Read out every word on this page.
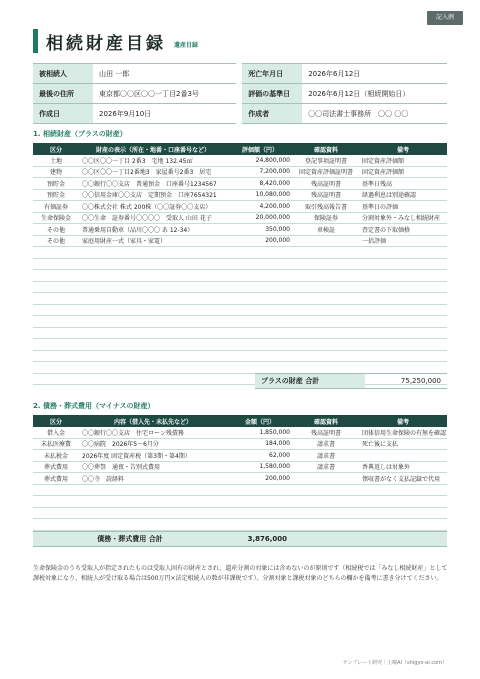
記入例
相続財産目録 遺産目録
被相続人	山田 一郎		死亡年月日	2026年6月12日
最後の住所	東京都〇〇区〇〇一丁目2番3号		評価の基準日	2026年6月12日（相続開始日）
作成日	2026年9月10日		作成者	〇〇司法書士事務所　〇〇 〇〇
1. 相続財産（プラスの財産）
区分	財産の表示（所在・地番・口座番号など）	評価額（円）	確認資料	備考
土地	〇〇区〇〇一丁目 2番3　宅地 132.45㎡	24,800,000	登記事項証明書	固定資産評価額
建物	〇〇区〇〇一丁目2番地3　家屋番号2番3　居宅	7,200,000	固定資産評価証明書	固定資産評価額
預貯金	〇〇銀行〇〇支店　普通預金　口座番号1234567	8,420,000	残高証明書	基準日残高
預貯金	〇〇信用金庫〇〇支店　定期預金　口座7654321	10,080,000	残高証明書	経過利息は別途確認
有価証券	〇〇株式会社 株式 200株（〇〇証券〇〇支店）	4,200,000	取引残高報告書	基準日の評価
生命保険金	〇〇生命　証券番号〇〇〇〇　受取人 山田 花子	20,000,000	保険証券	分割対象外・みなし相続財産
その他	普通乗用自動車（品川〇〇〇 あ 12-34）	350,000	車検証	査定書の下取価格
その他	家庭用財産一式（家具・家電）	200,000		一括評価

プラスの財産 合計	75,250,000
2. 債務・葬式費用（マイナスの財産）
区分	内容（借入先・未払先など）	金額（円）	確認資料	備考
借入金	〇〇銀行〇〇支店　住宅ローン残債務	1,850,000	残高証明書	団体信用生命保険の有無を確認
未払医療費	〇〇病院　2026年5〜6月分	184,000	請求書	死亡後に支払
未払税金	2026年度 固定資産税（第3期・第4期）	62,000	請求書	
葬式費用	〇〇葬祭　通夜・告別式費用	1,580,000	請求書	香典返しは対象外
葬式費用	〇〇寺　読経料	200,000		領収書がなく支払記録で代用

債務・葬式費用 合計	3,876,000	
生命保険金のうち受取人が指定されたものは受取人固有の財産とされ、遺産分割の対象には含めないのが原則です（相続税では「みなし相続財産」として課税対象になり、相続人が受け取る場合は500万円×法定相続人の数が非課税です）。分割対象と課税対象のどちらの欄かを備考に書き分けてください。
テンプレート研究｜土曜AI（shigyo-ai.com）
